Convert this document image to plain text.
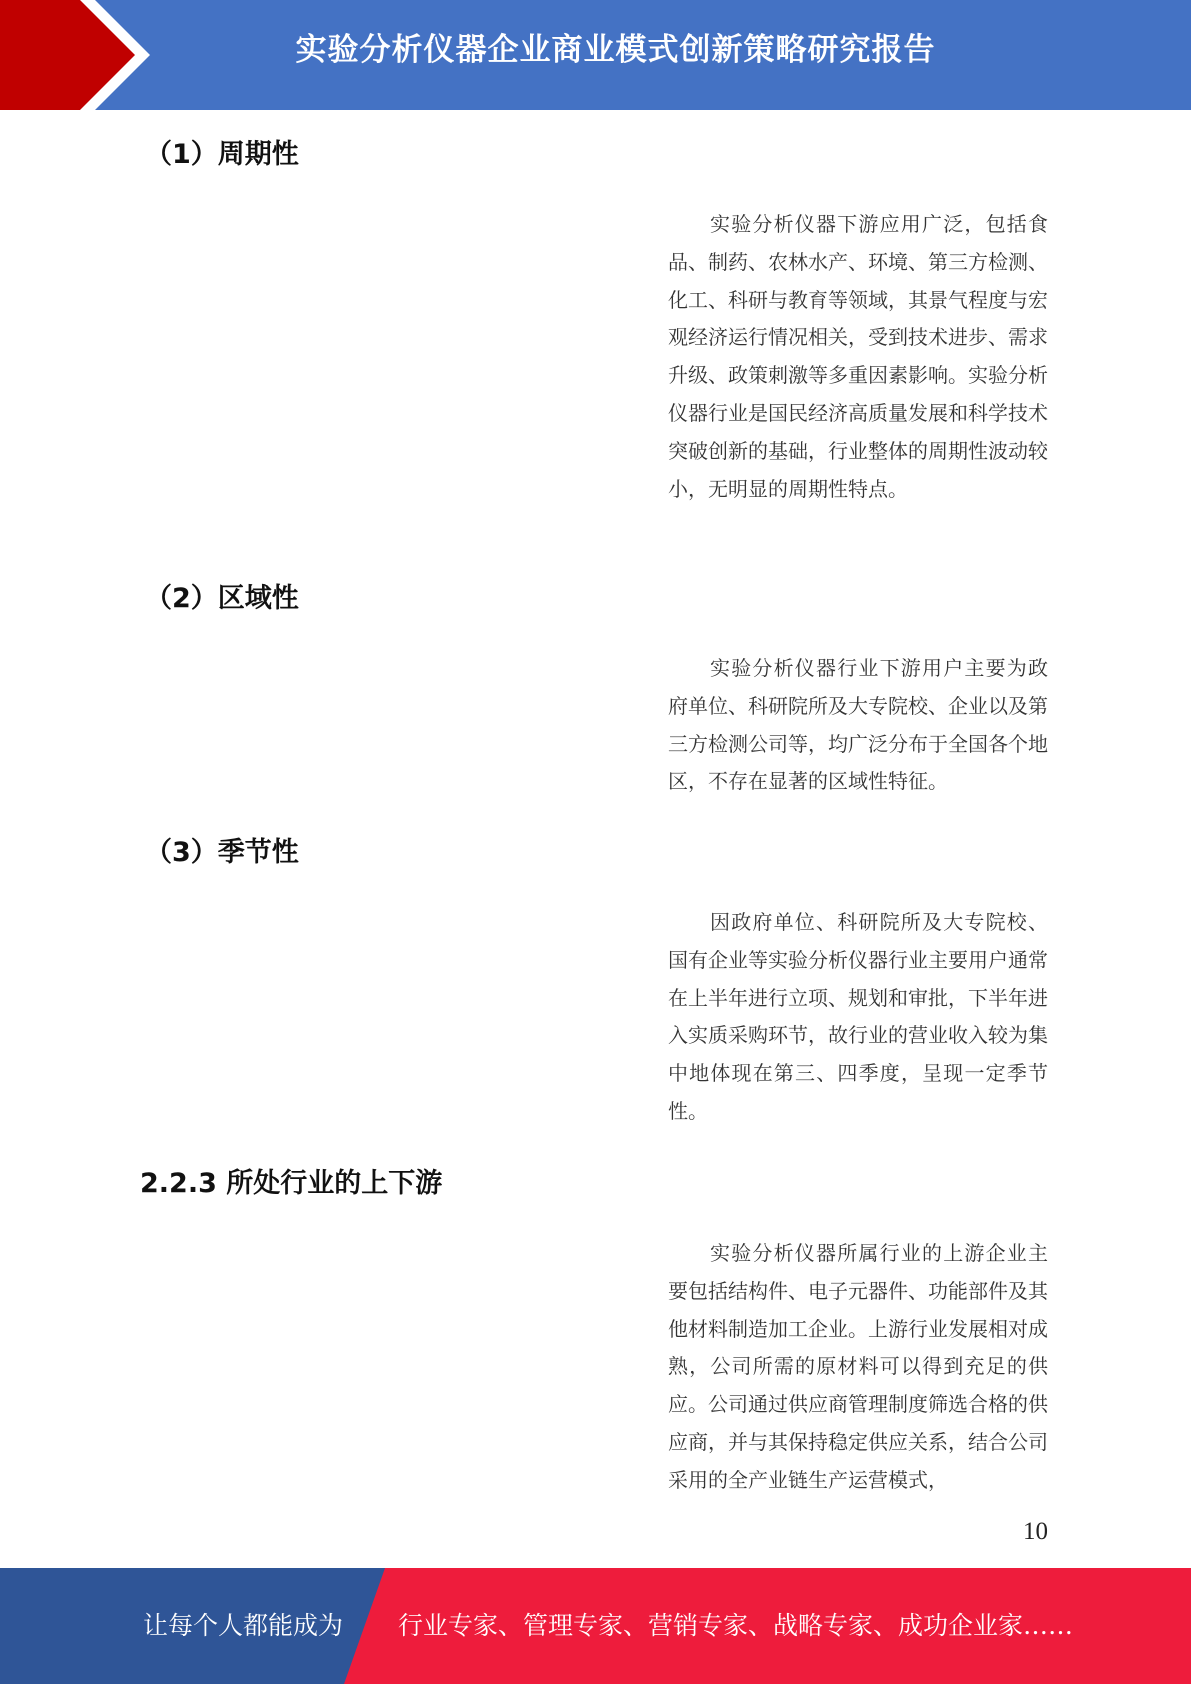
实验分析仪器企业商业模式创新策略研究报告
（1）周期性

实验分析仪器下游应用广泛，包括食品、制药、农林水产、环境、第三方检测、化工、科研与教育等领域，其景气程度与宏观经济运行情况相关，受到技术进步、需求升级、政策刺激等多重因素影响。实验分析仪器行业是国民经济高质量发展和科学技术突破创新的基础，行业整体的周期性波动较小，无明显的周期性特点。

（2）区域性

实验分析仪器行业下游用户主要为政府单位、科研院所及大专院校、企业以及第三方检测公司等，均广泛分布于全国各个地区，不存在显著的区域性特征。

（3）季节性

因政府单位、科研院所及大专院校、国有企业等实验分析仪器行业主要用户通常在上半年进行立项、规划和审批，下半年进入实质采购环节，故行业的营业收入较为集中地体现在第三、四季度，呈现一定季节性。

2.2.3 所处行业的上下游

实验分析仪器所属行业的上游企业主要包括结构件、电子元器件、功能部件及其他材料制造加工企业。上游行业发展相对成熟，公司所需的原材料可以得到充足的供应。公司通过供应商管理制度筛选合格的供应商，并与其保持稳定供应关系，结合公司采用的全产业链生产运营模式，

10
让每个人都能成为 行业专家、管理专家、营销专家、战略专家、成功企业家……
